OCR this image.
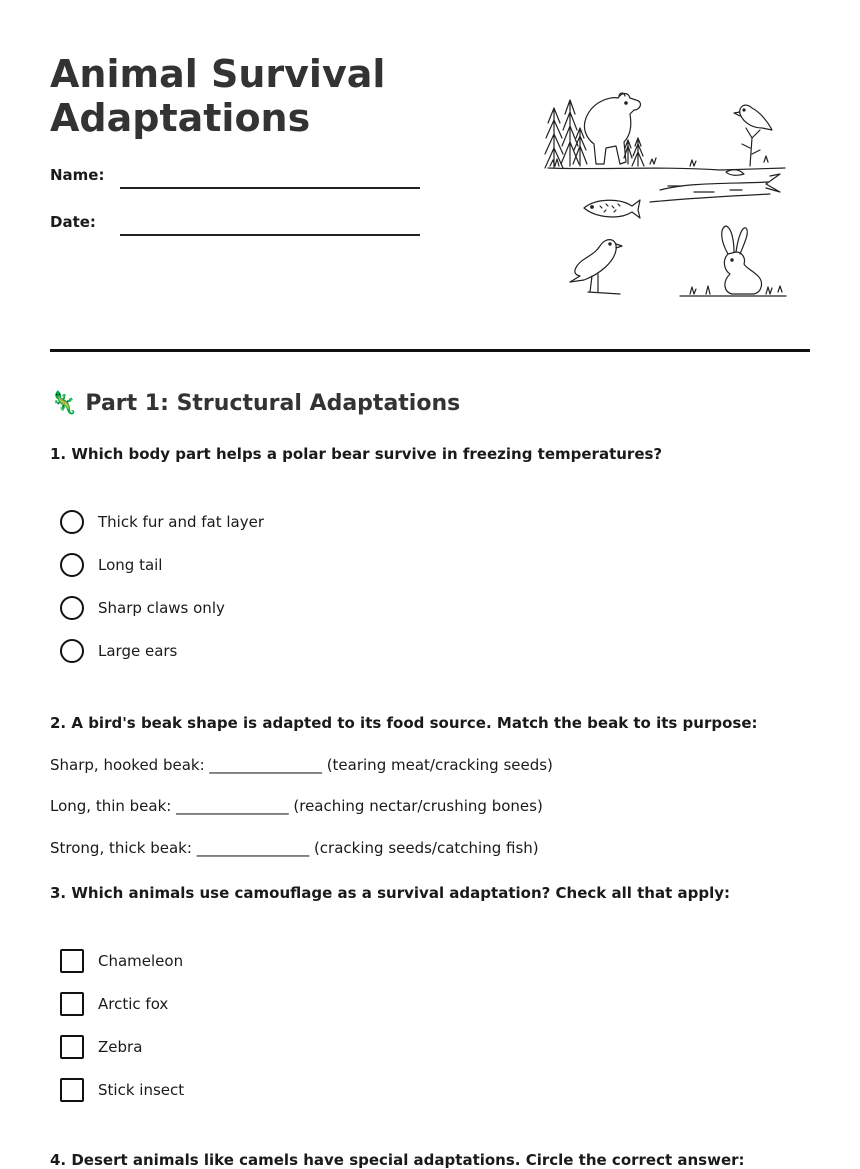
Animal Survival
Adaptations
Name:
Date:
🦎 Part 1: Structural Adaptations

1. Which body part helps a polar bear survive in freezing temperatures?

Thick fur and fat layer
Long tail
Sharp claws only
Large ears

2. A bird's beak shape is adapted to its food source. Match the beak to its purpose:

Sharp, hooked beak: _______________ (tearing meat/cracking seeds)
Long, thin beak: _______________ (reaching nectar/crushing bones)
Strong, thick beak: _______________ (cracking seeds/catching fish)

3. Which animals use camouflage as a survival adaptation? Check all that apply:

Chameleon
Arctic fox
Zebra
Stick insect

4. Desert animals like camels have special adaptations. Circle the correct answer:
